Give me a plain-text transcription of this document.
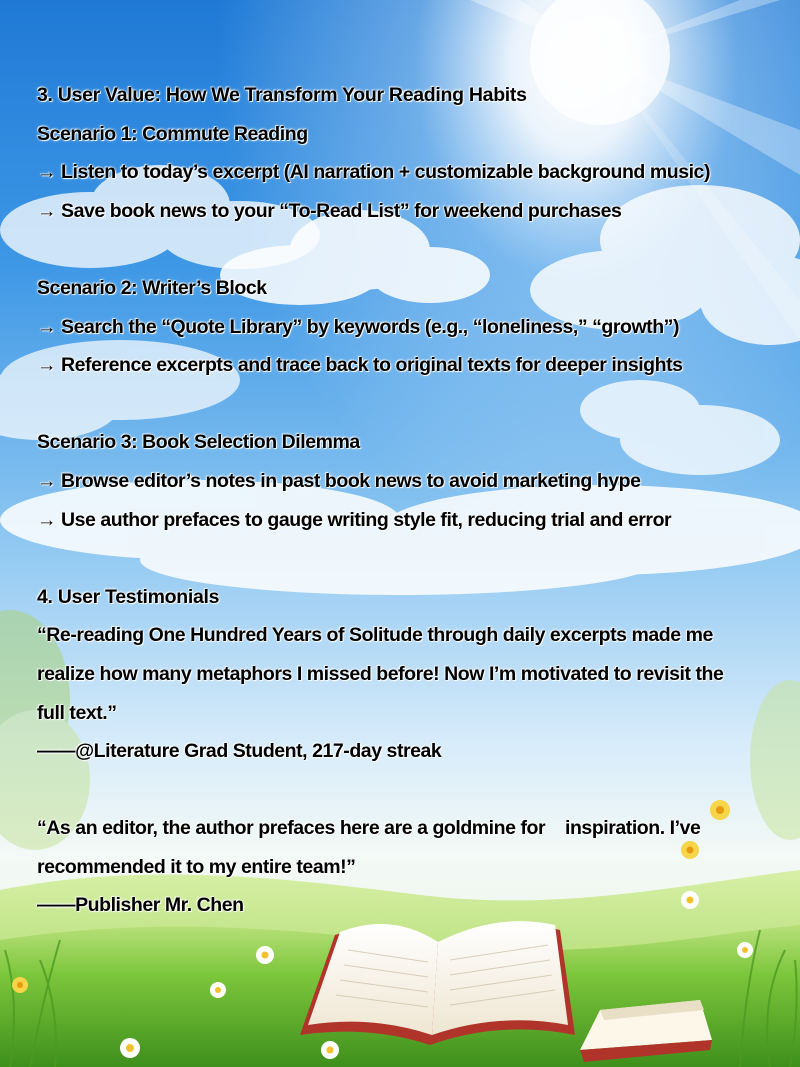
3. User Value: How We Transform Your Reading Habits
Scenario 1: Commute Reading
→ Listen to today’s excerpt (AI narration + customizable background music)
→ Save book news to your “To-Read List” for weekend purchases
Scenario 2: Writer’s Block
→ Search the “Quote Library” by keywords (e.g., “loneliness,” “growth”)
→ Reference excerpts and trace back to original texts for deeper insights
Scenario 3: Book Selection Dilemma
→ Browse editor’s notes in past book news to avoid marketing hype
→ Use author prefaces to gauge writing style fit, reducing trial and error
4. User Testimonials
“Re-reading One Hundred Years of Solitude through daily excerpts made me
realize how many metaphors I missed before! Now I’m motivated to revisit the
full text.”
——@Literature Grad Student, 217-day streak
“As an editor, the author prefaces here are a goldmine for    inspiration. I’ve
recommended it to my entire team!”
——Publisher Mr. Chen
